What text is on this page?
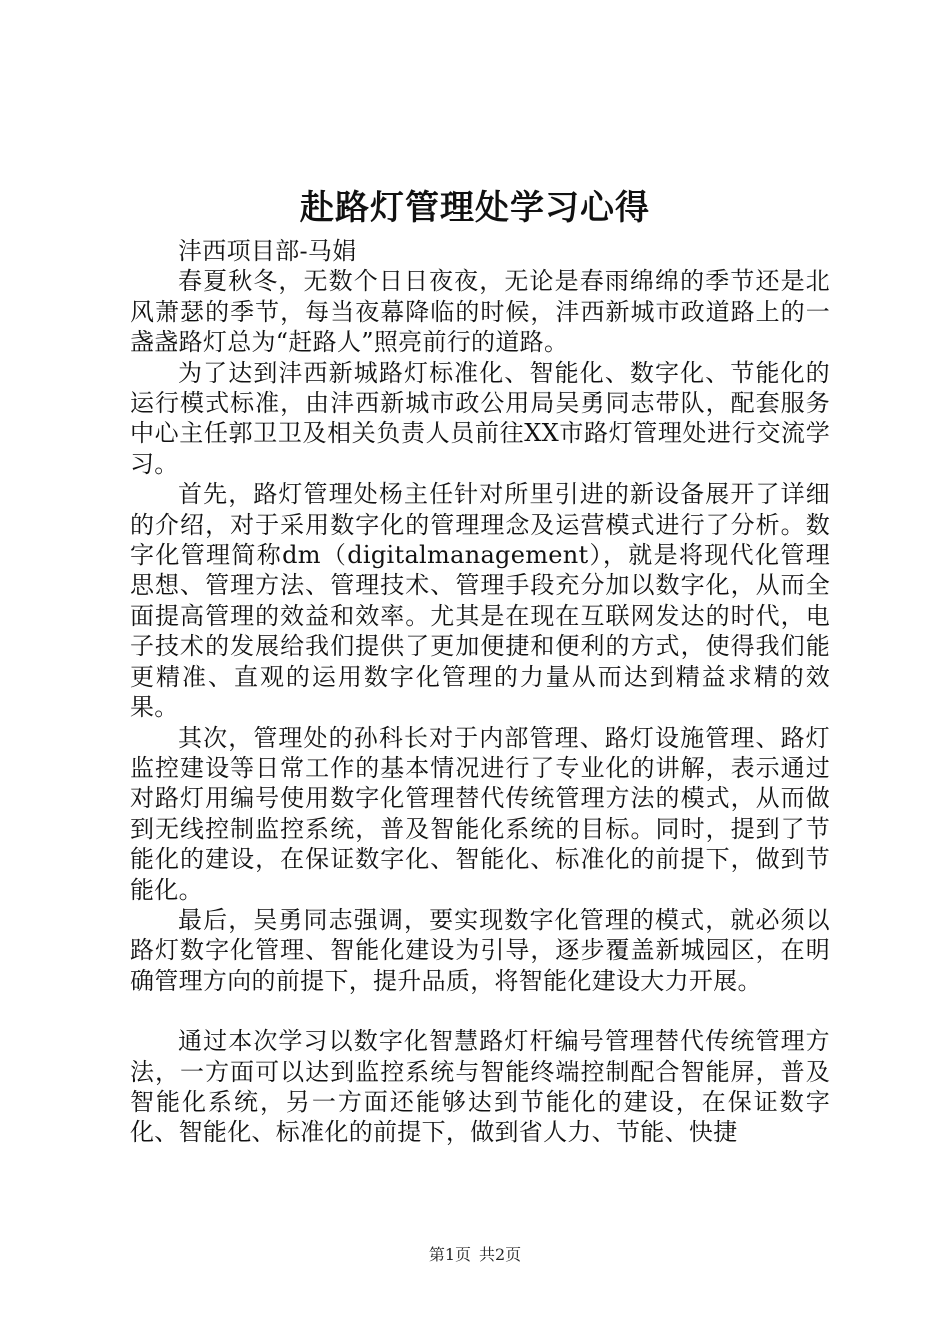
赴路灯管理处学习心得

沣西项目部-马娟

春夏秋冬，无数个日日夜夜，无论是春雨绵绵的季节还是北风萧瑟的季节，每当夜幕降临的时候，沣西新城市政道路上的一盏盏路灯总为“赶路人”照亮前行的道路。

为了达到沣西新城路灯标准化、智能化、数字化、节能化的运行模式标准，由沣西新城市政公用局吴勇同志带队，配套服务中心主任郭卫卫及相关负责人员前往XX市路灯管理处进行交流学习。

首先，路灯管理处杨主任针对所里引进的新设备展开了详细的介绍，对于采用数字化的管理理念及运营模式进行了分析。数字化管理简称dm（digitalmanagement），就是将现代化管理思想、管理方法、管理技术、管理手段充分加以数字化，从而全面提高管理的效益和效率。尤其是在现在互联网发达的时代，电子技术的发展给我们提供了更加便捷和便利的方式，使得我们能更精准、直观的运用数字化管理的力量从而达到精益求精的效果。

其次，管理处的孙科长对于内部管理、路灯设施管理、路灯监控建设等日常工作的基本情况进行了专业化的讲解，表示通过对路灯用编号使用数字化管理替代传统管理方法的模式，从而做到无线控制监控系统，普及智能化系统的目标。同时，提到了节能化的建设，在保证数字化、智能化、标准化的前提下，做到节能化。

最后，吴勇同志强调，要实现数字化管理的模式，就必须以路灯数字化管理、智能化建设为引导，逐步覆盖新城园区，在明确管理方向的前提下，提升品质，将智能化建设大力开展。

通过本次学习以数字化智慧路灯杆编号管理替代传统管理方法，一方面可以达到监控系统与智能终端控制配合智能屏，普及智能化系统，另一方面还能够达到节能化的建设，在保证数字化、智能化、标准化的前提下，做到省人力、节能、快捷

第1页 共2页
